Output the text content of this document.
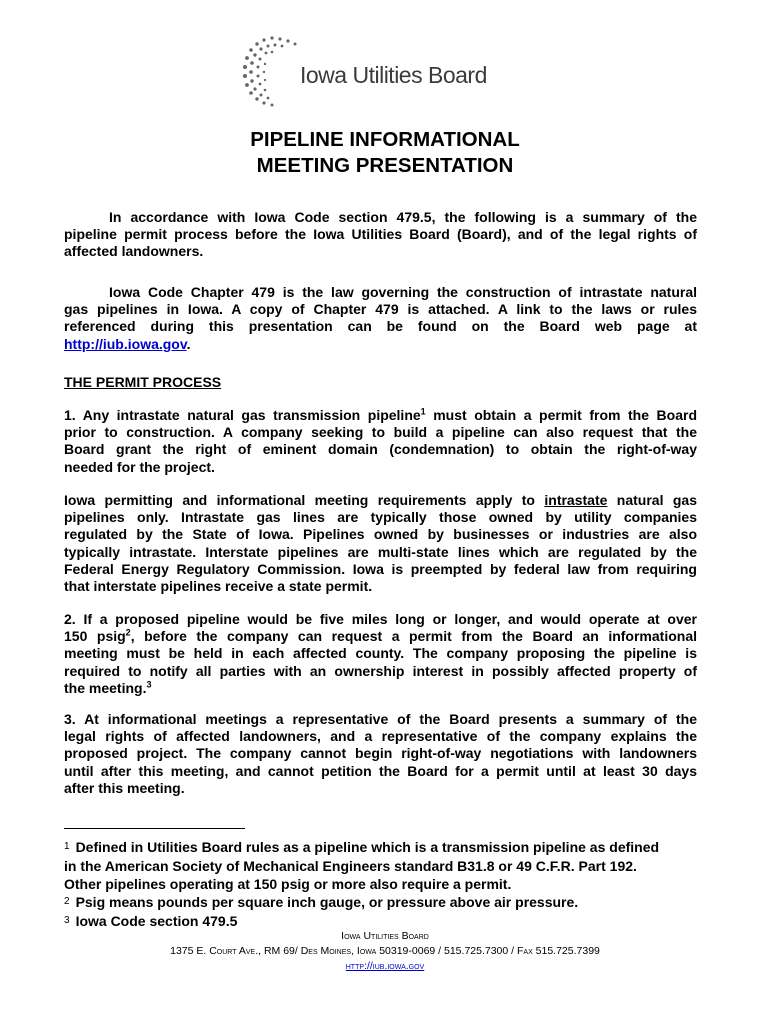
Iowa Utilities Board
PIPELINE INFORMATIONAL
MEETING PRESENTATION
In accordance with Iowa Code section 479.5, the following is a summary of the
pipeline permit process before the Iowa Utilities Board (Board), and of the legal rights of
affected landowners.
Iowa Code Chapter 479 is the law governing the construction of intrastate natural
gas pipelines in Iowa. A copy of Chapter 479 is attached. A link to the laws or rules
referenced during this presentation can be found on the Board web page at
http://iub.iowa.gov.
THE PERMIT PROCESS
1. Any intrastate natural gas transmission pipeline$^1$ must obtain a permit from the Board
prior to construction. A company seeking to build a pipeline can also request that the
Board grant the right of eminent domain (condemnation) to obtain the right-of-way
needed for the project.
Iowa permitting and informational meeting requirements apply to intrastate natural gas
pipelines only. Intrastate gas lines are typically those owned by utility companies
regulated by the State of Iowa. Pipelines owned by businesses or industries are also
typically intrastate. Interstate pipelines are multi-state lines which are regulated by the
Federal Energy Regulatory Commission. Iowa is preempted by federal law from requiring
that interstate pipelines receive a state permit.
2. If a proposed pipeline would be five miles long or longer, and would operate at over
150 psig$^2$, before the company can request a permit from the Board an informational
meeting must be held in each affected county. The company proposing the pipeline is
required to notify all parties with an ownership interest in possibly affected property of
the meeting.$^3$
3. At informational meetings a representative of the Board presents a summary of the
legal rights of affected landowners, and a representative of the company explains the
proposed project. The company cannot begin right-of-way negotiations with landowners
until after this meeting, and cannot petition the Board for a permit until at least 30 days
after this meeting.
$^1$ Defined in Utilities Board rules as a pipeline which is a transmission pipeline as defined
in the American Society of Mechanical Engineers standard B31.8 or 49 C.F.R. Part 192.
Other pipelines operating at 150 psig or more also require a permit.
$^2$ Psig means pounds per square inch gauge, or pressure above air pressure.
$^3$ Iowa Code section 479.5
Iowa Utilities Board
1375 E. Court Ave., RM 69/ Des Moines, Iowa 50319-0069 / 515.725.7300 / Fax 515.725.7399
http://iub.iowa.gov
